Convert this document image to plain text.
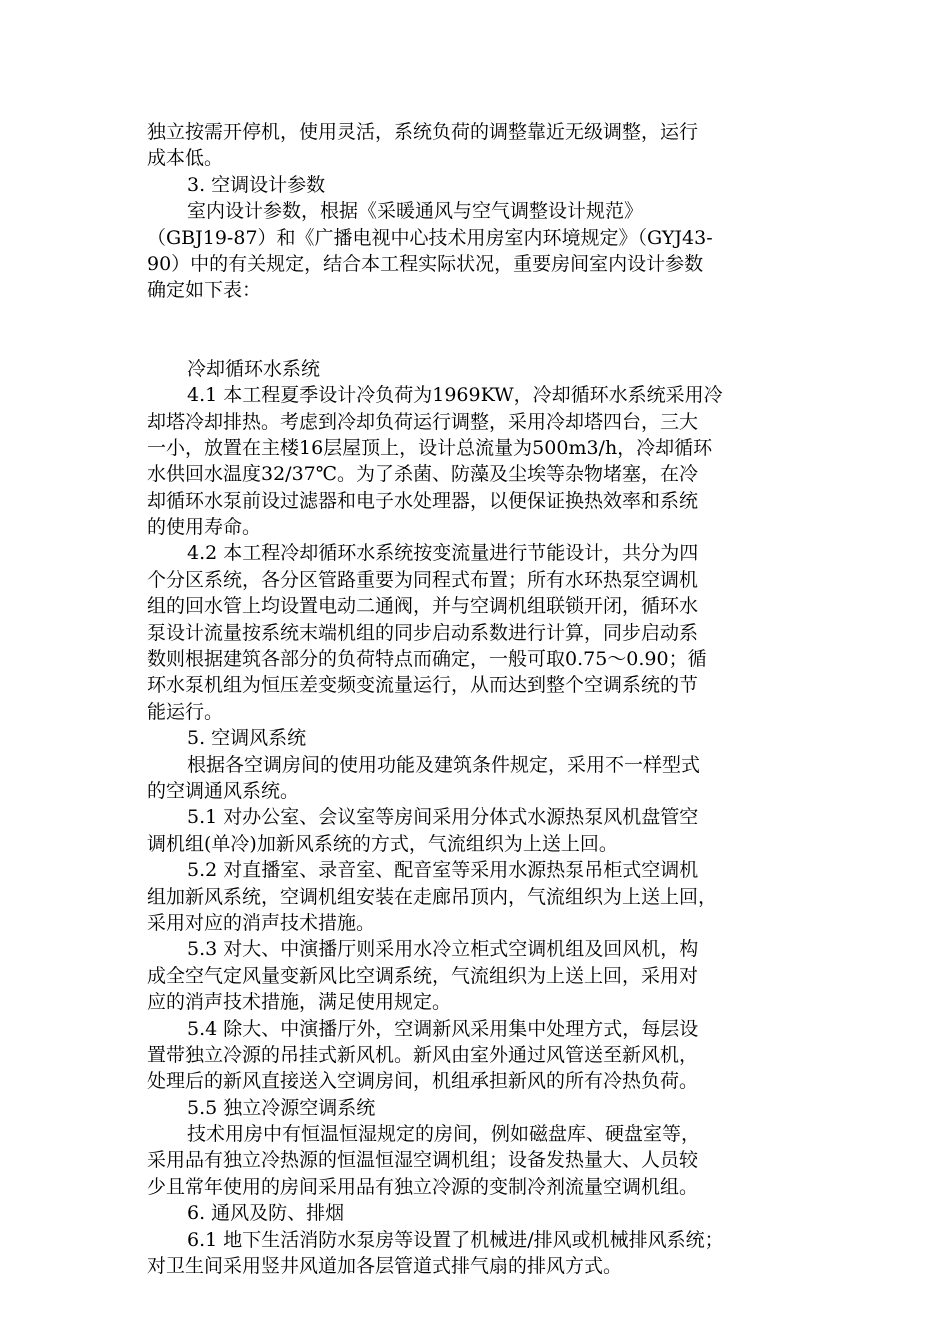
独立按需开停机，使用灵活，系统负荷的调整靠近无级调整，运行
成本低。
3. 空调设计参数
室内设计参数，根据《采暖通风与空气调整设计规范》
（GBJ19-87）和《广播电视中心技术用房室内环境规定》（GYJ43-
90）中的有关规定，结合本工程实际状况，重要房间室内设计参数
确定如下表：
冷却循环水系统
4.1 本工程夏季设计冷负荷为1969KW，冷却循环水系统采用冷
却塔冷却排热。考虑到冷却负荷运行调整，采用冷却塔四台，三大
一小，放置在主楼16层屋顶上，设计总流量为500m3/h，冷却循环
水供回水温度32/37℃。为了杀菌、防藻及尘埃等杂物堵塞，在冷
却循环水泵前设过滤器和电子水处理器，以便保证换热效率和系统
的使用寿命。
4.2 本工程冷却循环水系统按变流量进行节能设计，共分为四
个分区系统，各分区管路重要为同程式布置；所有水环热泵空调机
组的回水管上均设置电动二通阀，并与空调机组联锁开闭，循环水
泵设计流量按系统末端机组的同步启动系数进行计算，同步启动系
数则根据建筑各部分的负荷特点而确定，一般可取0.75～0.90；循
环水泵机组为恒压差变频变流量运行，从而达到整个空调系统的节
能运行。
5. 空调风系统
根据各空调房间的使用功能及建筑条件规定，采用不一样型式
的空调通风系统。
5.1 对办公室、会议室等房间采用分体式水源热泵风机盘管空
调机组(单冷)加新风系统的方式，气流组织为上送上回。
5.2 对直播室、录音室、配音室等采用水源热泵吊柜式空调机
组加新风系统，空调机组安装在走廊吊顶内，气流组织为上送上回，
采用对应的消声技术措施。
5.3 对大、中演播厅则采用水冷立柜式空调机组及回风机，构
成全空气定风量变新风比空调系统，气流组织为上送上回，采用对
应的消声技术措施，满足使用规定。
5.4 除大、中演播厅外，空调新风采用集中处理方式，每层设
置带独立冷源的吊挂式新风机。新风由室外通过风管送至新风机，
处理后的新风直接送入空调房间，机组承担新风的所有冷热负荷。
5.5 独立冷源空调系统
技术用房中有恒温恒湿规定的房间，例如磁盘库、硬盘室等，
采用品有独立冷热源的恒温恒湿空调机组；设备发热量大、人员较
少且常年使用的房间采用品有独立冷源的变制冷剂流量空调机组。
6. 通风及防、排烟
6.1 地下生活消防水泵房等设置了机械进/排风或机械排风系统；
对卫生间采用竖井风道加各层管道式排气扇的排风方式。
